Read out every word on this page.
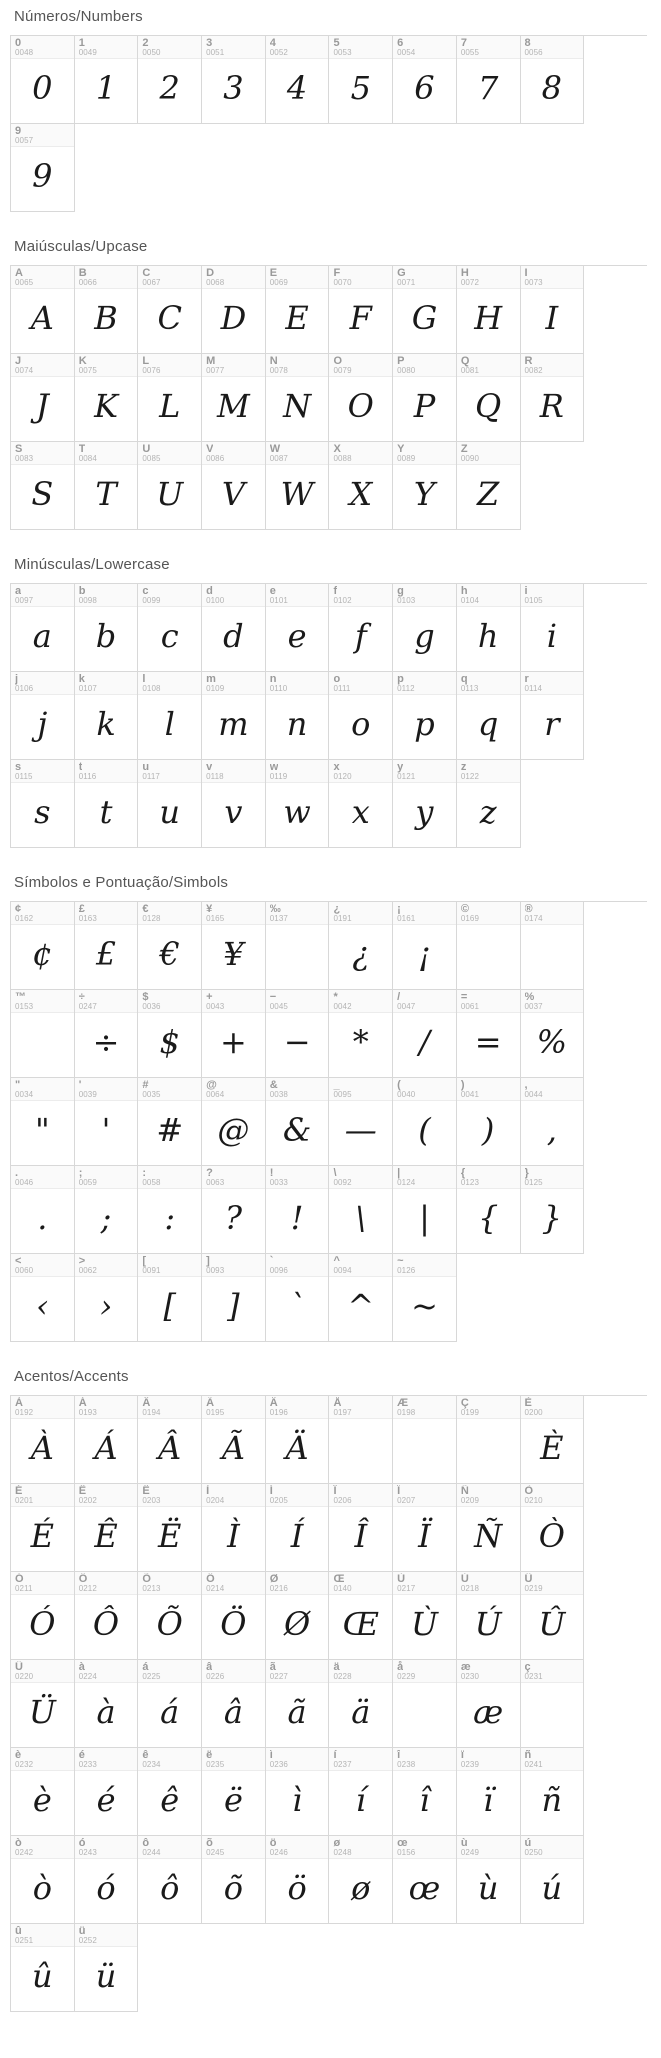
Números/Numbers
0
0048
0
1
0049
1
2
0050
2
3
0051
3
4
0052
4
5
0053
5
6
0054
6
7
0055
7
8
0056
8
9
0057
9
Maiúsculas/Upcase
A
0065
A
B
0066
B
C
0067
C
D
0068
D
E
0069
E
F
0070
F
G
0071
G
H
0072
H
I
0073
I
J
0074
J
K
0075
K
L
0076
L
M
0077
M
N
0078
N
O
0079
O
P
0080
P
Q
0081
Q
R
0082
R
S
0083
S
T
0084
T
U
0085
U
V
0086
V
W
0087
W
X
0088
X
Y
0089
Y
Z
0090
Z
Minúsculas/Lowercase
a
0097
a
b
0098
b
c
0099
c
d
0100
d
e
0101
e
f
0102
f
g
0103
g
h
0104
h
i
0105
i
j
0106
j
k
0107
k
l
0108
l
m
0109
m
n
0110
n
o
0111
o
p
0112
p
q
0113
q
r
0114
r
s
0115
s
t
0116
t
u
0117
u
v
0118
v
w
0119
w
x
0120
x
y
0121
y
z
0122
z
Símbolos e Pontuação/Simbols
¢
0162
¢
£
0163
£
€
0128
€
¥
0165
¥
‰
0137
¿
0191
¿
¡
0161
¡
©
0169
®
0174
™
0153
÷
0247
÷
$
0036
$
+
0043
+
−
0045
−
*
0042
*
/
0047
/
=
0061
=
%
0037
%
"
0034
"
'
0039
'
#
0035
#
@
0064
@
&
0038
&
_
0095
—
(
0040
(
)
0041
)
,
0044
,
.
0046
.
;
0059
;
:
0058
:
?
0063
?
!
0033
!
\
0092
\
|
0124
|
{
0123
{
}
0125
}
<
0060
‹
>
0062
›
[
0091
[
]
0093
]
`
0096
`
^
0094
^
~
0126
~
Acentos/Accents
À
0192
À
Á
0193
Á
Â
0194
Â
Ã
0195
Ã
Ä
0196
Ä
Å
0197
Æ
0198
Ç
0199
È
0200
È
É
0201
É
Ê
0202
Ê
Ë
0203
Ë
Ì
0204
Ì
Í
0205
Í
Î
0206
Î
Ï
0207
Ï
Ñ
0209
Ñ
Ò
0210
Ò
Ó
0211
Ó
Ô
0212
Ô
Õ
0213
Õ
Ö
0214
Ö
Ø
0216
Ø
Œ
0140
Œ
Ù
0217
Ù
Ú
0218
Ú
Û
0219
Û
Ü
0220
Ü
à
0224
à
á
0225
á
â
0226
â
ã
0227
ã
ä
0228
ä
å
0229
æ
0230
æ
ç
0231
è
0232
è
é
0233
é
ê
0234
ê
ë
0235
ë
ì
0236
ì
í
0237
í
î
0238
î
ï
0239
ï
ñ
0241
ñ
ò
0242
ò
ó
0243
ó
ô
0244
ô
õ
0245
õ
ö
0246
ö
ø
0248
ø
œ
0156
œ
ù
0249
ù
ú
0250
ú
û
0251
û
ü
0252
ü
